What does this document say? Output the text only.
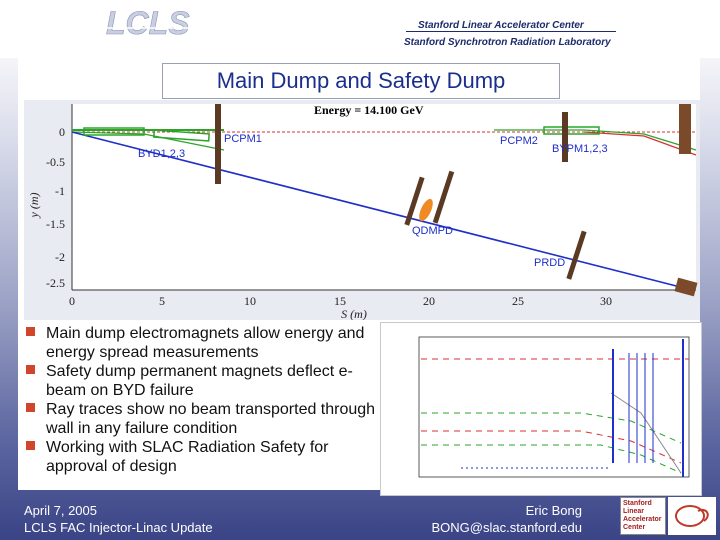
LCLS	Stanford Linear Accelerator Center
Stanford Synchrotron Radiation Laboratory
Main Dump and Safety Dump
Energy = 14.100 GeV
0
-0.5
-1
-1.5
-2
-2.5
0	5	10	15	20	25	30
S (m)
y (m)
PCPM1
BYD1,2,3
PCPM2
BYPM1,2,3
QDMPD
PRDD
Main dump electromagnets allow energy and energy spread measurements
Safety dump permanent magnets deflect e-beam on BYD failure
Ray traces show no beam transported through wall in any failure condition
Working with SLAC Radiation Safety for approval of design
April 7, 2005
LCLS FAC Injector-Linac Update
Eric Bong
BONG@slac.stanford.edu
Stanford
Linear
Accelerator
Center
